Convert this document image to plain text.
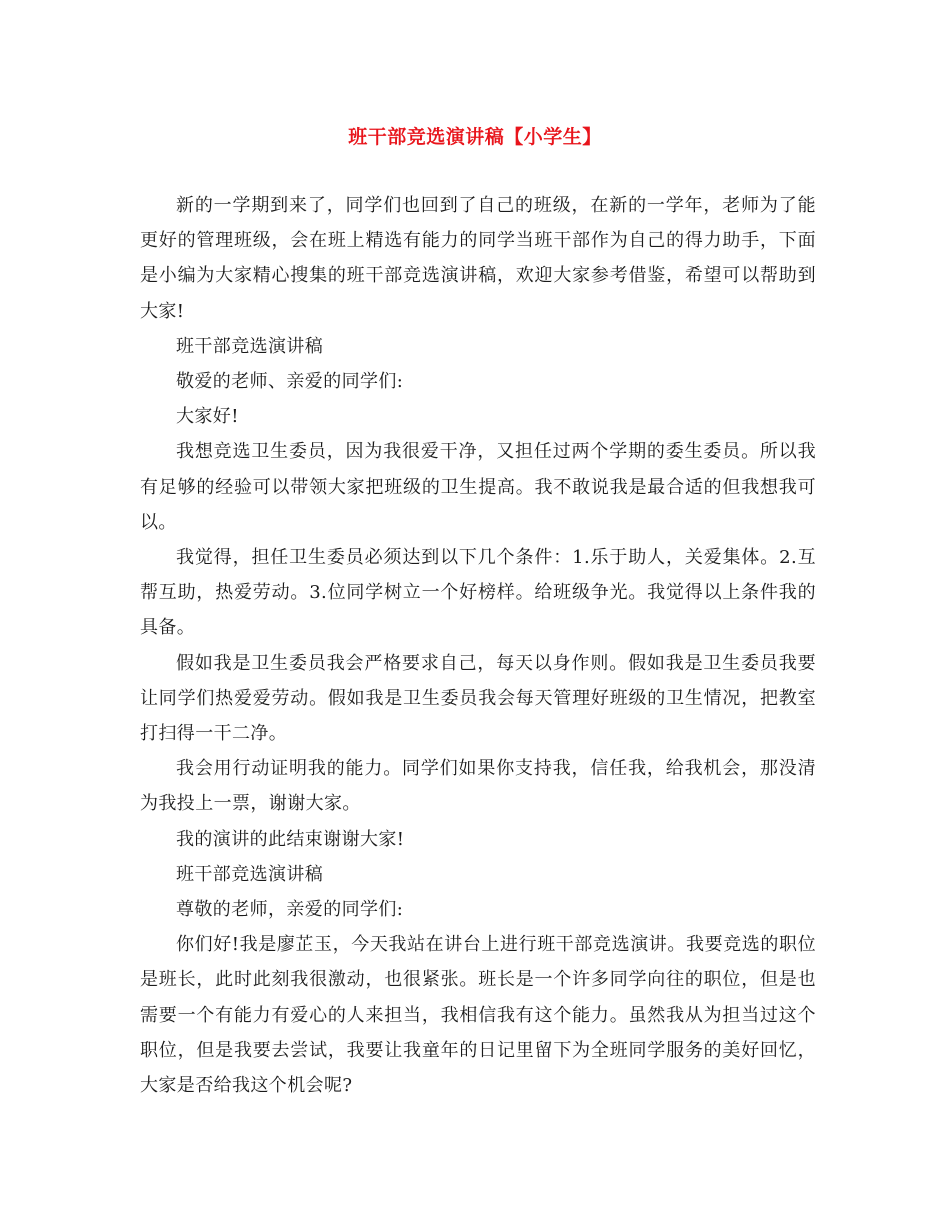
班干部竞选演讲稿【小学生】

新的一学期到来了，同学们也回到了自己的班级，在新的一学年，老师为了能更好的管理班级，会在班上精选有能力的同学当班干部作为自己的得力助手，下面是小编为大家精心搜集的班干部竞选演讲稿，欢迎大家参考借鉴，希望可以帮助到大家!

班干部竞选演讲稿

敬爱的老师、亲爱的同学们:

大家好!

我想竞选卫生委员，因为我很爱干净，又担任过两个学期的委生委员。所以我有足够的经验可以带领大家把班级的卫生提高。我不敢说我是最合适的但我想我可以。

我觉得，担任卫生委员必须达到以下几个条件：1.乐于助人，关爱集体。2.互帮互助，热爱劳动。3.位同学树立一个好榜样。给班级争光。我觉得以上条件我的具备。

假如我是卫生委员我会严格要求自己，每天以身作则。假如我是卫生委员我要让同学们热爱爱劳动。假如我是卫生委员我会每天管理好班级的卫生情况，把教室打扫得一干二净。

我会用行动证明我的能力。同学们如果你支持我，信任我，给我机会，那没清为我投上一票，谢谢大家。

我的演讲的此结束谢谢大家!

班干部竞选演讲稿

尊敬的老师，亲爱的同学们:

你们好!我是廖芷玉，今天我站在讲台上进行班干部竞选演讲。我要竞选的职位是班长，此时此刻我很激动，也很紧张。班长是一个许多同学向往的职位，但是也需要一个有能力有爱心的人来担当，我相信我有这个能力。虽然我从为担当过这个职位，但是我要去尝试，我要让我童年的日记里留下为全班同学服务的美好回忆，大家是否给我这个机会呢?
